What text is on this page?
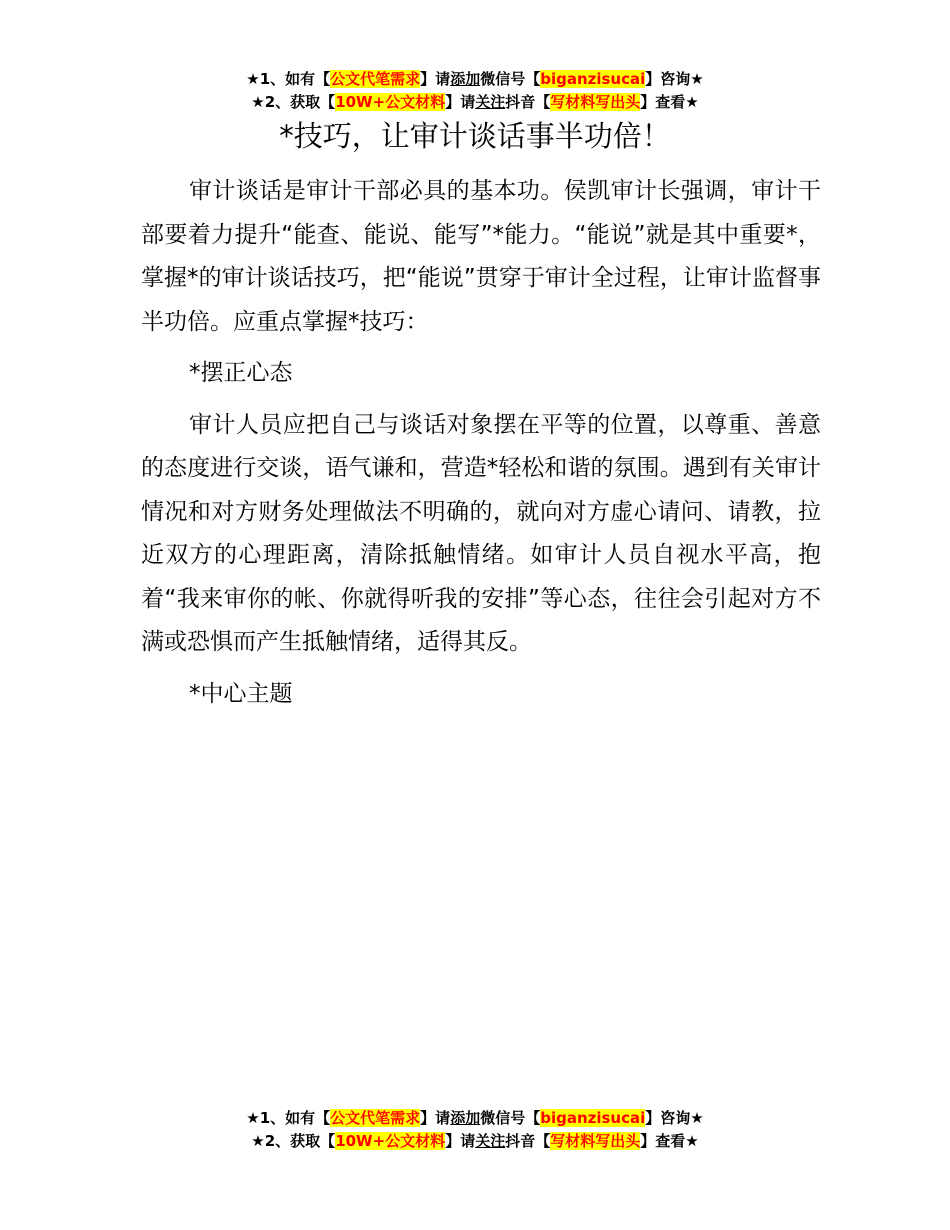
★1、如有【公文代笔需求】请添加微信号【biganzisucai】咨询★
★2、获取【10W+公文材料】请关注抖音【写材料写出头】查看★
*技巧，让审计谈话事半功倍！

审计谈话是审计干部必具的基本功。侯凯审计长强调，审计干部要着力提升“能查、能说、能写”*能力。“能说”就是其中重要*，掌握*的审计谈话技巧，把“能说”贯穿于审计全过程，让审计监督事半功倍。应重点掌握*技巧：

*摆正心态

审计人员应把自己与谈话对象摆在平等的位置，以尊重、善意的态度进行交谈，语气谦和，营造*轻松和谐的氛围。遇到有关审计情况和对方财务处理做法不明确的，就向对方虚心请问、请教，拉近双方的心理距离，清除抵触情绪。如审计人员自视水平高，抱着“我来审你的帐、你就得听我的安排”等心态，往往会引起对方不满或恐惧而产生抵触情绪，适得其反。

*中心主题

★1、如有【公文代笔需求】请添加微信号【biganzisucai】咨询★
★2、获取【10W+公文材料】请关注抖音【写材料写出头】查看★
